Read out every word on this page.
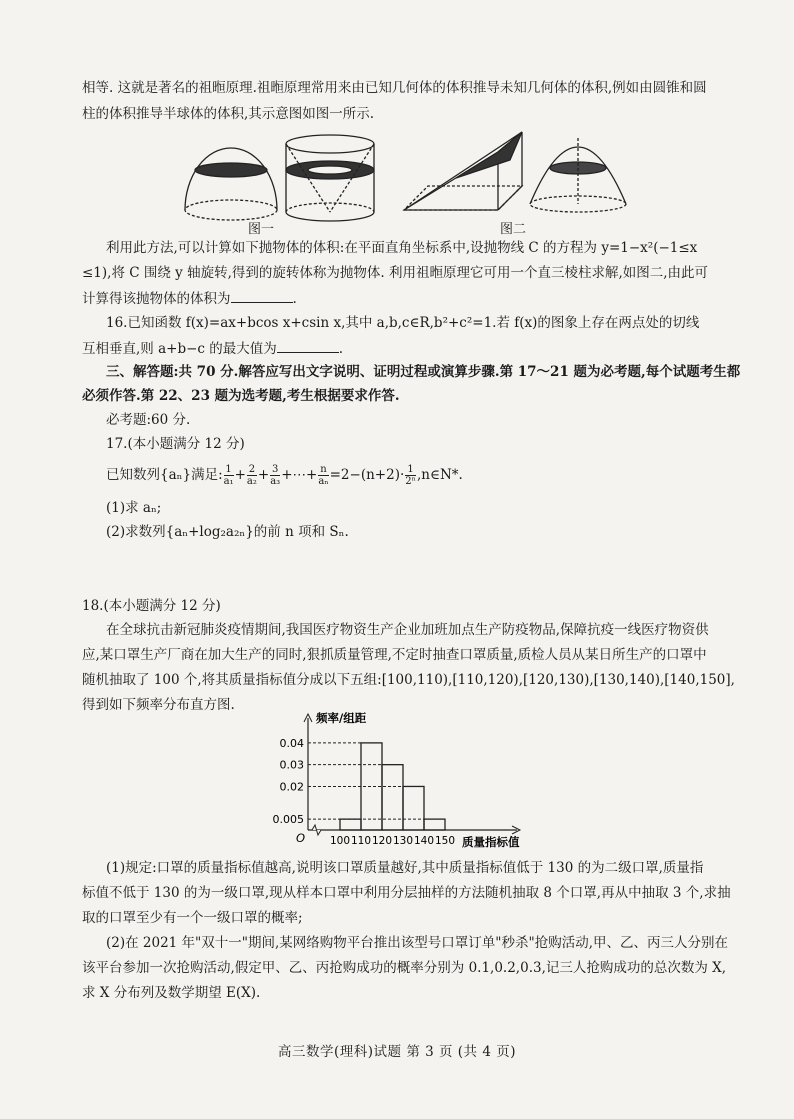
相等. 这就是著名的祖暅原理.祖暅原理常用来由已知几何体的体积推导未知几何体的体积,例如由圆锥和圆
柱的体积推导半球体的体积,其示意图如图一所示.
图一	图二
利用此方法,可以计算如下抛物体的体积:在平面直角坐标系中,设抛物线 C 的方程为 y=1−x²(−1≤x
≤1),将 C 围绕 y 轴旋转,得到的旋转体称为抛物体. 利用祖暅原理它可用一个直三棱柱求解,如图二,由此可
计算得该抛物体的体积为	.
16.已知函数 f(x)=ax+bcos x+csin x,其中 a,b,c∈R,b²+c²=1.若 f(x)的图象上存在两点处的切线
互相垂直,则 a+b−c 的最大值为	.
三、解答题:共 70 分.解答应写出文字说明、证明过程或演算步骤.第 17～21 题为必考题,每个试题考生都
必须作答.第 22、23 题为选考题,考生根据要求作答.
必考题:60 分.
17.(本小题满分 12 分)
已知数列{aₙ}满足: $\frac{1}{\text{a₁}} + \frac{2}{\text{a₂}} + \frac{3}{\text{a₃}}$ +⋯+ $\frac{n}{\text{aₙ}} =2-(n+2)\cdot \frac{1}{\text{2ⁿ}}$ ,n∈N*.
(1)求 aₙ;
(2)求数列{aₙ+log₂a₂ₙ}的前 n 项和 Sₙ.
18.(本小题满分 12 分)
在全球抗击新冠肺炎疫情期间,我国医疗物资生产企业加班加点生产防疫物品,保障抗疫一线医疗物资供
应,某口罩生产厂商在加大生产的同时,狠抓质量管理,不定时抽查口罩质量,质检人员从某日所生产的口罩中
随机抽取了 100 个,将其质量指标值分成以下五组:[100,110),[110,120),[120,130),[130,140),[140,150],
得到如下频率分布直方图.
0.04
0.03
0.02
0.005
100 110 120 130 140 150
频率/组距
质量指标值
O
(1)规定:口罩的质量指标值越高,说明该口罩质量越好,其中质量指标值低于 130 的为二级口罩,质量指
标值不低于 130 的为一级口罩,现从样本口罩中利用分层抽样的方法随机抽取 8 个口罩,再从中抽取 3 个,求抽
取的口罩至少有一个一级口罩的概率;
(2)在 2021 年"双十一"期间,某网络购物平台推出该型号口罩订单"秒杀"抢购活动,甲、乙、丙三人分别在
该平台参加一次抢购活动,假定甲、乙、丙抢购成功的概率分别为 0.1,0.2,0.3,记三人抢购成功的总次数为 X,
求 X 分布列及数学期望 E(X).
高三数学(理科)试题 第 3 页 (共 4 页)
